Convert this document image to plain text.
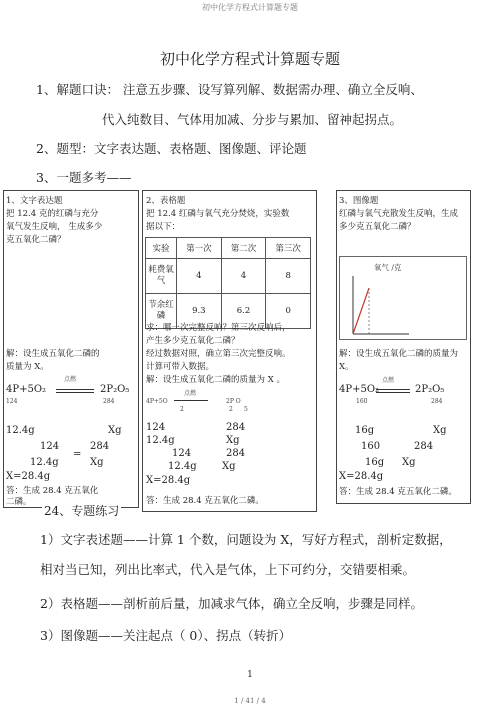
初中化学方程式计算题专题
初中化学方程式计算题专题
1、解题口诀： 注意五步骤、设写算列解、数据需办理、确立全反响、
代入纯数目、气体用加减、分步与累加、留神起拐点。
2、题型：文字表达题、表格题、图像题、评论题
3、一题多考——
1、文字表达题
把 12.4 克的红磷与充分
氧气发生反响， 生成多少
克五氧化二磷？
解：设生成五氧化二磷的
质量为 X。
点燃
4P+5O₂	2P₂O₅
124	284
12.4g	Xg
124	284
=
12.4g	Xg
X=28.4g
答：生成 28.4 克五氧化
二磷。
2、表格题
把 12.4 红磷与氧气充分焚烧，实验数
据以下：
实验	第一次	第二次	第三次
耗费氧气	4	4	8
节余红磷	9.3	6.2	0
求：哪一次完整反响？第三次反响后，
产生多少克五氧化二磷？
经过数据对照，确立第三次完整反响。
计算可带入数据。
解：设生成五氧化二磷的质量为 X 。
点燃
4P+5O	2P O
2	2 5
124	284
12.4g	Xg
124	284
12.4g	Xg
X=28.4g
答：生成 28.4 克五氧化二磷。
3、图像题
红磷与氧气充散发生反响，生成
多少克五氧化二磷？
氧气 /克
解：设生成五氧化二磷的质量为
X。
点燃
4P+5O₂	2P₂O₅
160	284
16g	Xg
160	284
16g Xg
X=28.4g
答：生成 28.4 克五氧化二磷。
24、专题练习
1）文字表述题——计算 1 个数，问题设为 X，写好方程式，剖析定数据，
相对当已知，列出比率式，代入是气体，上下可约分，交错要相乘。
2）表格题——剖析前后量，加减求气体，确立全反响，步骤是同样。
3）图像题——关注起点（ 0）、拐点（转折）
1
1 / 41 / 4
